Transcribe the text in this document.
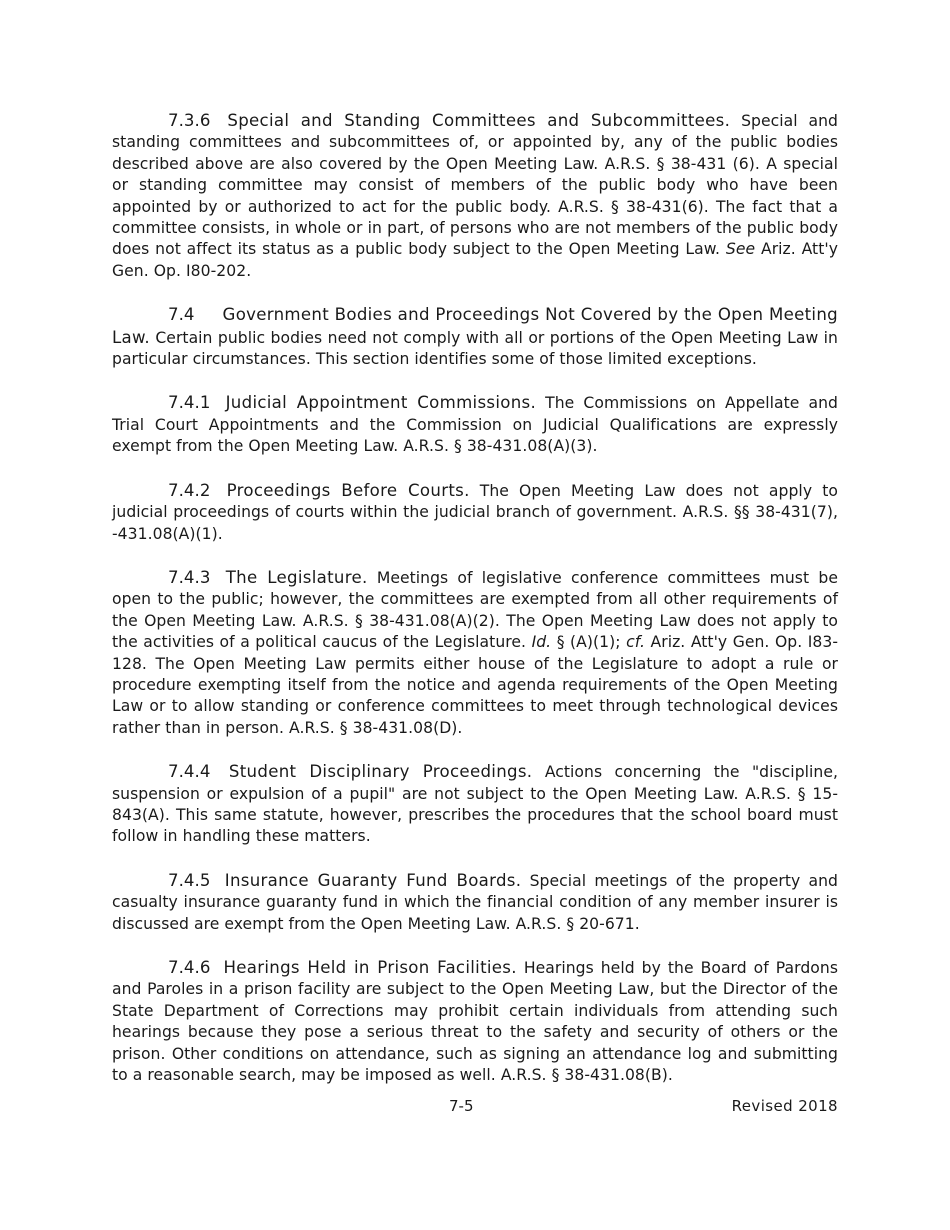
7.3.6 Special and Standing Committees and Subcommittees. Special and standing committees and subcommittees of, or appointed by, any of the public bodies described above are also covered by the Open Meeting Law. A.R.S. § 38-431 (6). A special or standing committee may consist of members of the public body who have been appointed by or authorized to act for the public body. A.R.S. § 38-431(6). The fact that a committee consists, in whole or in part, of persons who are not members of the public body does not affect its status as a public body subject to the Open Meeting Law. See Ariz. Att'y Gen. Op. I80-202.

7.4 Government Bodies and Proceedings Not Covered by the Open Meeting Law. Certain public bodies need not comply with all or portions of the Open Meeting Law in particular circumstances. This section identifies some of those limited exceptions.

7.4.1 Judicial Appointment Commissions. The Commissions on Appellate and Trial Court Appointments and the Commission on Judicial Qualifications are expressly exempt from the Open Meeting Law. A.R.S. § 38-431.08(A)(3).

7.4.2 Proceedings Before Courts. The Open Meeting Law does not apply to judicial proceedings of courts within the judicial branch of government. A.R.S. §§ 38-431(7), -431.08(A)(1).

7.4.3 The Legislature. Meetings of legislative conference committees must be open to the public; however, the committees are exempted from all other requirements of the Open Meeting Law. A.R.S. § 38-431.08(A)(2). The Open Meeting Law does not apply to the activities of a political caucus of the Legislature. Id. § (A)(1); cf. Ariz. Att'y Gen. Op. I83-128. The Open Meeting Law permits either house of the Legislature to adopt a rule or procedure exempting itself from the notice and agenda requirements of the Open Meeting Law or to allow standing or conference committees to meet through technological devices rather than in person. A.R.S. § 38-431.08(D).

7.4.4 Student Disciplinary Proceedings. Actions concerning the "discipline, suspension or expulsion of a pupil" are not subject to the Open Meeting Law. A.R.S. § 15-843(A). This same statute, however, prescribes the procedures that the school board must follow in handling these matters.

7.4.5 Insurance Guaranty Fund Boards. Special meetings of the property and casualty insurance guaranty fund in which the financial condition of any member insurer is discussed are exempt from the Open Meeting Law. A.R.S. § 20-671.

7.4.6 Hearings Held in Prison Facilities. Hearings held by the Board of Pardons and Paroles in a prison facility are subject to the Open Meeting Law, but the Director of the State Department of Corrections may prohibit certain individuals from attending such hearings because they pose a serious threat to the safety and security of others or the prison. Other conditions on attendance, such as signing an attendance log and submitting to a reasonable search, may be imposed as well. A.R.S. § 38-431.08(B).

7-5	Revised 2018
